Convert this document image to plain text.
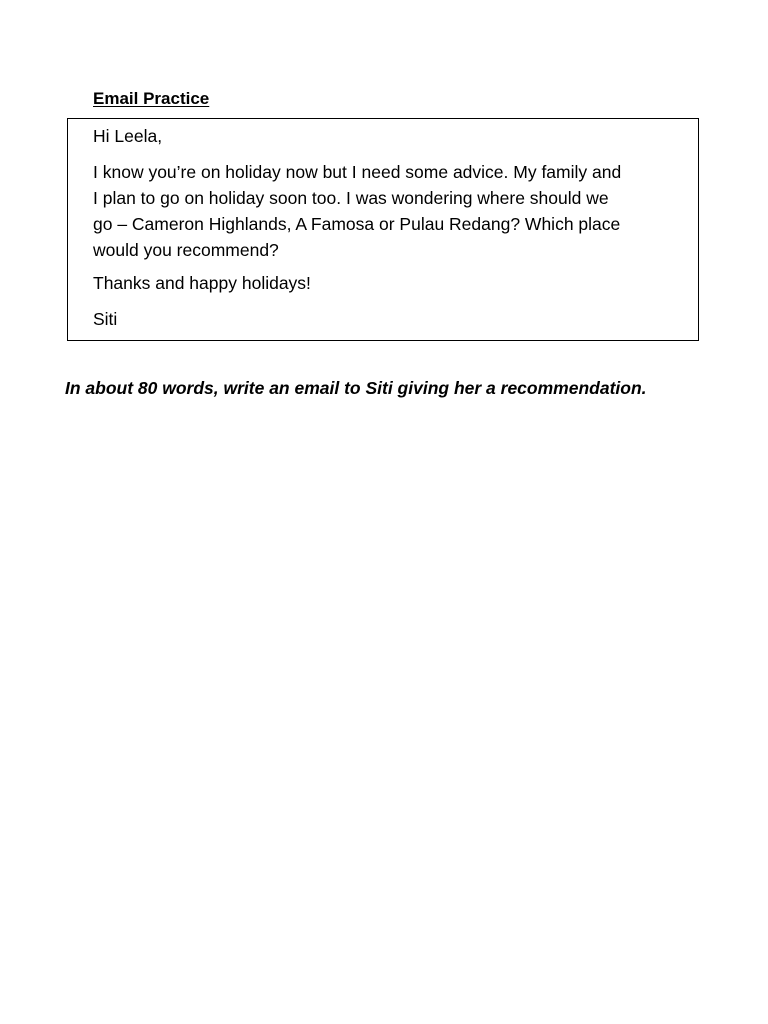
Email Practice
Hi Leela,
I know you’re on holiday now but I need some advice. My family and
I plan to go on holiday soon too. I was wondering where should we
go – Cameron Highlands, A Famosa or Pulau Redang? Which place
would you recommend?
Thanks and happy holidays!
Siti
In about 80 words, write an email to Siti giving her a recommendation.
